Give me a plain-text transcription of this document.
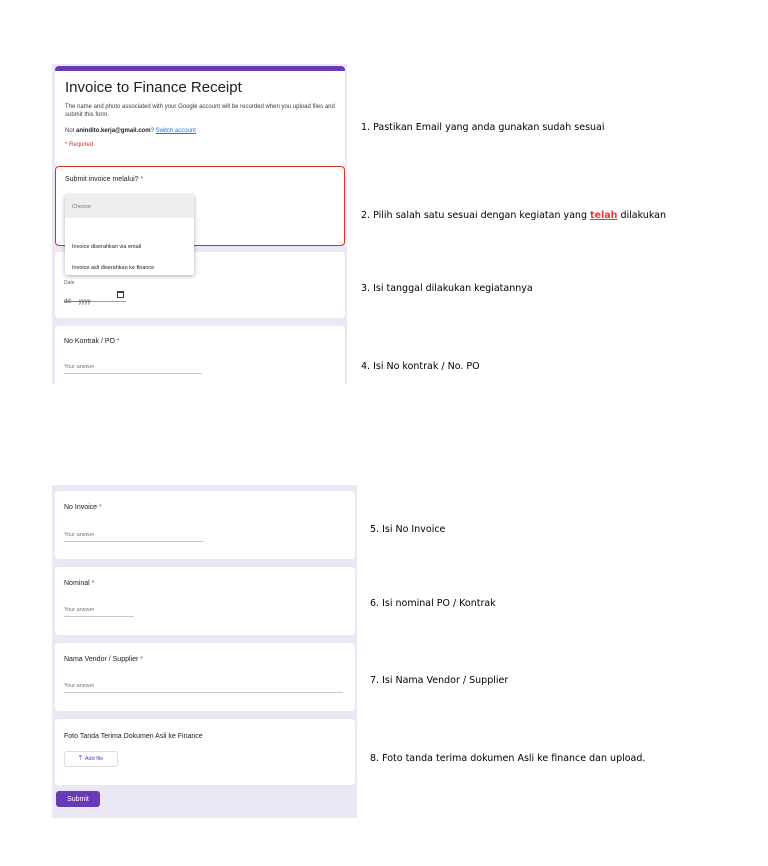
Invoice to Finance Receipt
The name and photo associated with your Google account will be recorded when you upload files and submit this form.
Not anindito.kerja@gmail.com? Switch account
* Required
Submit invoice melalui? *
Date
dd----yyyy
No Kontrak / PO *
Your answer
Choose
Invoice diserahkan via email
Invoice asli diserahkan ke finance
1. Pastikan Email yang anda gunakan sudah sesuai
2. Pilih salah satu sesuai dengan kegiatan yang telah dilakukan
3. Isi tanggal dilakukan kegiatannya
4. Isi No kontrak / No. PO
No Invoice *
Your answer
Nominal *
Your answer
Nama Vendor / Supplier *
Your answer
Foto Tanda Terima Dokumen Asli ke Finance
⤒ Add file
Submit
5. Isi No Invoice
6. Isi nominal PO / Kontrak
7. Isi Nama Vendor / Supplier
8. Foto tanda terima dokumen Asli ke finance dan upload.
